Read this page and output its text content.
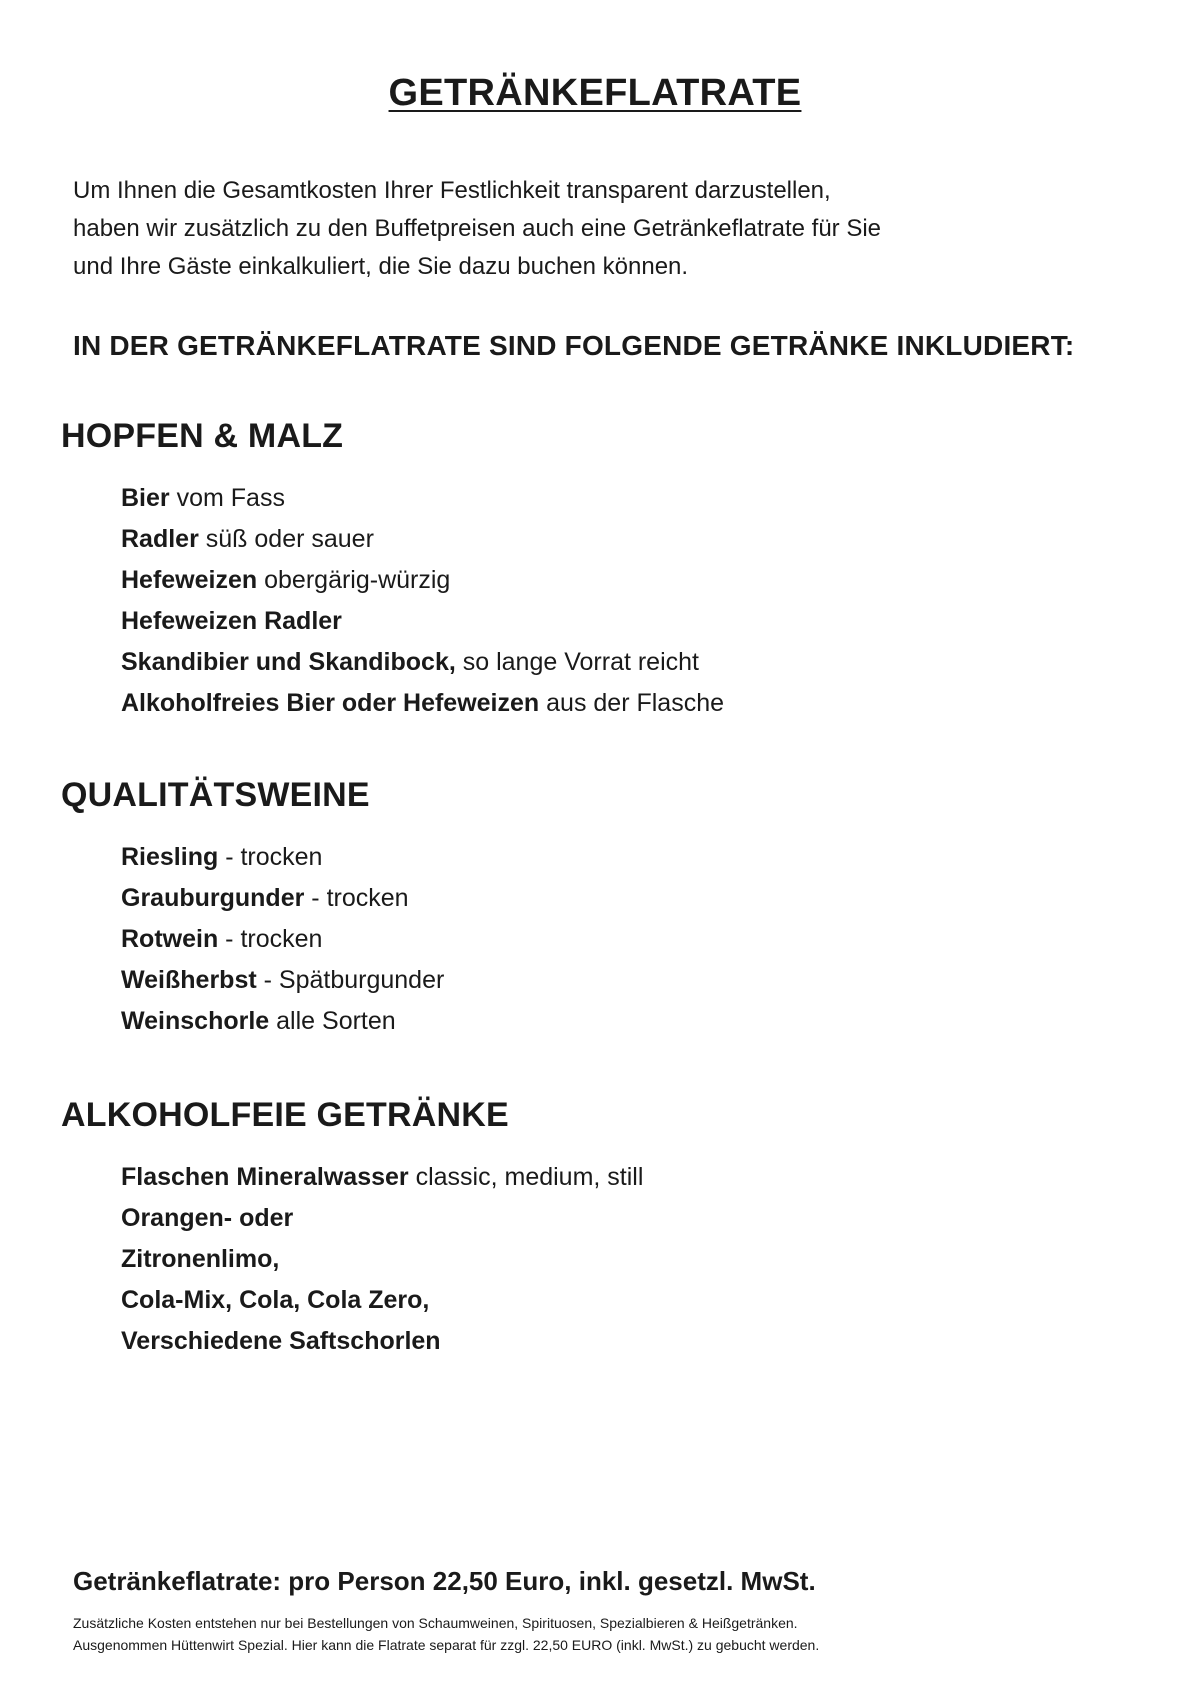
GETRÄNKEFLATRATE
Um Ihnen die Gesamtkosten Ihrer Festlichkeit transparent darzustellen,
haben wir zusätzlich zu den Buffetpreisen auch eine Getränkeflatrate für Sie
und Ihre Gäste einkalkuliert, die Sie dazu buchen können.
IN DER GETRÄNKEFLATRATE SIND FOLGENDE GETRÄNKE INKLUDIERT:
HOPFEN & MALZ
Bier vom Fass
Radler süß oder sauer
Hefeweizen obergärig-würzig
Hefeweizen Radler
Skandibier und Skandibock, so lange Vorrat reicht
Alkoholfreies Bier oder Hefeweizen aus der Flasche
QUALITÄTSWEINE
Riesling - trocken
Grauburgunder - trocken
Rotwein - trocken
Weißherbst - Spätburgunder
Weinschorle alle Sorten
ALKOHOLFEIE GETRÄNKE
Flaschen Mineralwasser classic, medium, still
Orangen- oder
Zitronenlimo,
Cola-Mix, Cola, Cola Zero,
Verschiedene Saftschorlen
Getränkeflatrate: pro Person 22,50 Euro, inkl. gesetzl. MwSt.
Zusätzliche Kosten entstehen nur bei Bestellungen von Schaumweinen, Spirituosen, Spezialbieren & Heißgetränken.
Ausgenommen Hüttenwirt Spezial. Hier kann die Flatrate separat für zzgl. 22,50 EURO (inkl. MwSt.) zu gebucht werden.
